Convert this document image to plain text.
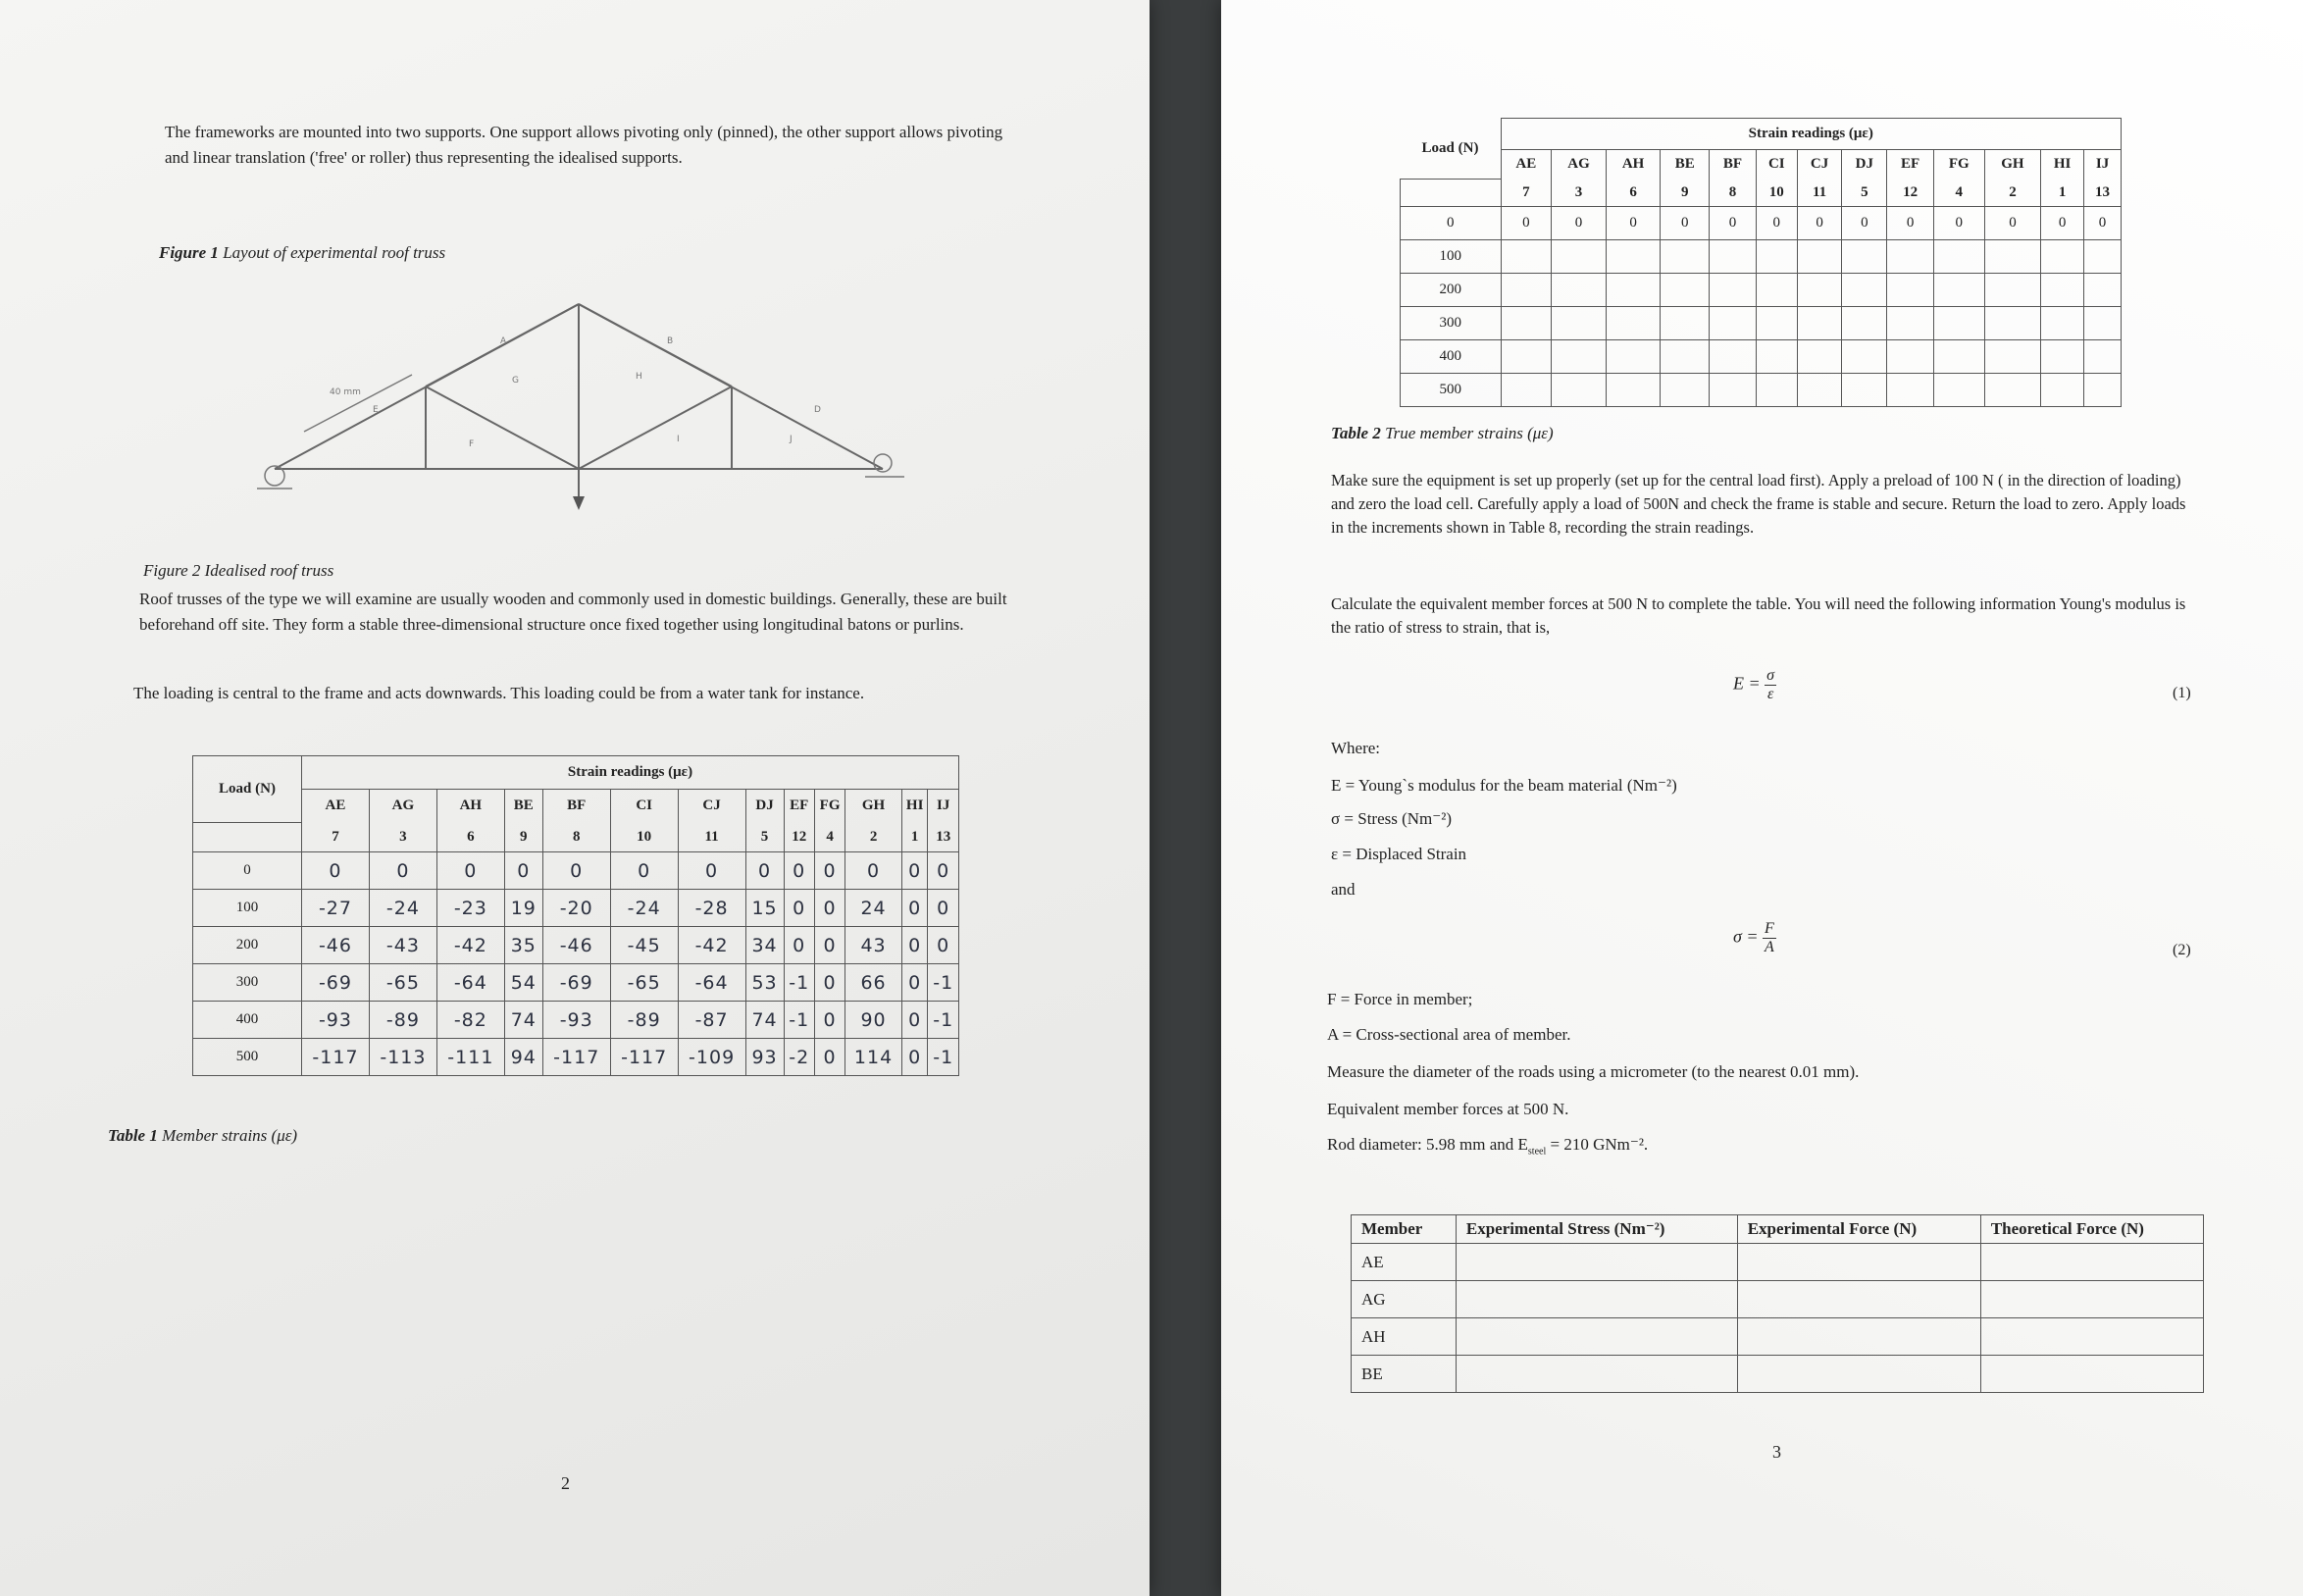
The frameworks are mounted into two supports. One support allows pivoting only (pinned), the other support allows pivoting and linear translation ('free' or roller) thus representing the idealised supports.

Figure 1 Layout of experimental roof truss
E
F
G	H
I	J
A	B
D
40 mm
Figure 2 Idealised roof truss

Roof trusses of the type we will examine are usually wooden and commonly used in domestic buildings. Generally, these are built beforehand off site. They form a stable three-dimensional structure once fixed together using longitudinal batons or purlins.

The loading is central to the frame and acts downwards. This loading could be from a water tank for instance.

Load (N)	Strain readings (με)												
	AE	AG	AH	BE	BF	CI	CJ	DJ	EF	FG	GH	HI	IJ
	7	3	6	9	8	10	11	5	12	4	2	1	13
0	0	0	0	0	0	0	0	0	0	0	0	0	0
100	-27	-24	-23	19	-20	-24	-28	15	0	0	24	0	0
200	-46	-43	-42	35	-46	-45	-42	34	0	0	43	0	0
300	-69	-65	-64	54	-69	-65	-64	53	-1	0	66	0	-1
400	-93	-89	-82	74	-93	-89	-87	74	-1	0	90	0	-1
500	-117	-113	-111	94	-117	-117	-109	93	-2	0	114	0	-1
Table 1 Member strains (με)
2
Load (N)	Strain readings (με)												
	AE	AG	AH	BE	BF	CI	CJ	DJ	EF	FG	GH	HI	IJ
	7	3	6	9	8	10	11	5	12	4	2	1	13
0	0	0	0	0	0	0	0	0	0	0	0	0	0
100													
200													
300													
400													
500													
Table 2 True member strains (με)

Make sure the equipment is set up properly (set up for the central load first). Apply a preload of 100 N ( in the direction of loading) and zero the load cell. Carefully apply a load of 500N and check the frame is stable and secure. Return the load to zero. Apply loads in the increments shown in Table 8, recording the strain readings.

Calculate the equivalent member forces at 500 N to complete the table. You will need the following information Young's modulus is the ratio of stress to strain, that is,

$E = \frac{\sigma}{\varepsilon}$	(1)
Where:
E = Young`s modulus for the beam material (Nm⁻²)
σ = Stress (Nm⁻²)
ε = Displaced Strain
and
$\sigma = \frac{F}{A}$	(2)
F = Force in member;
A = Cross-sectional area of member.
Measure the diameter of the roads using a micrometer (to the nearest 0.01 mm).
Equivalent member forces at 500 N.
Rod diameter: 5.98 mm and $E_{steel} = 210$ GNm⁻².
Member	Experimental Stress (Nm⁻²)	Experimental Force (N)	Theoretical Force (N)
AE			
AG			
AH			
BE			
3
